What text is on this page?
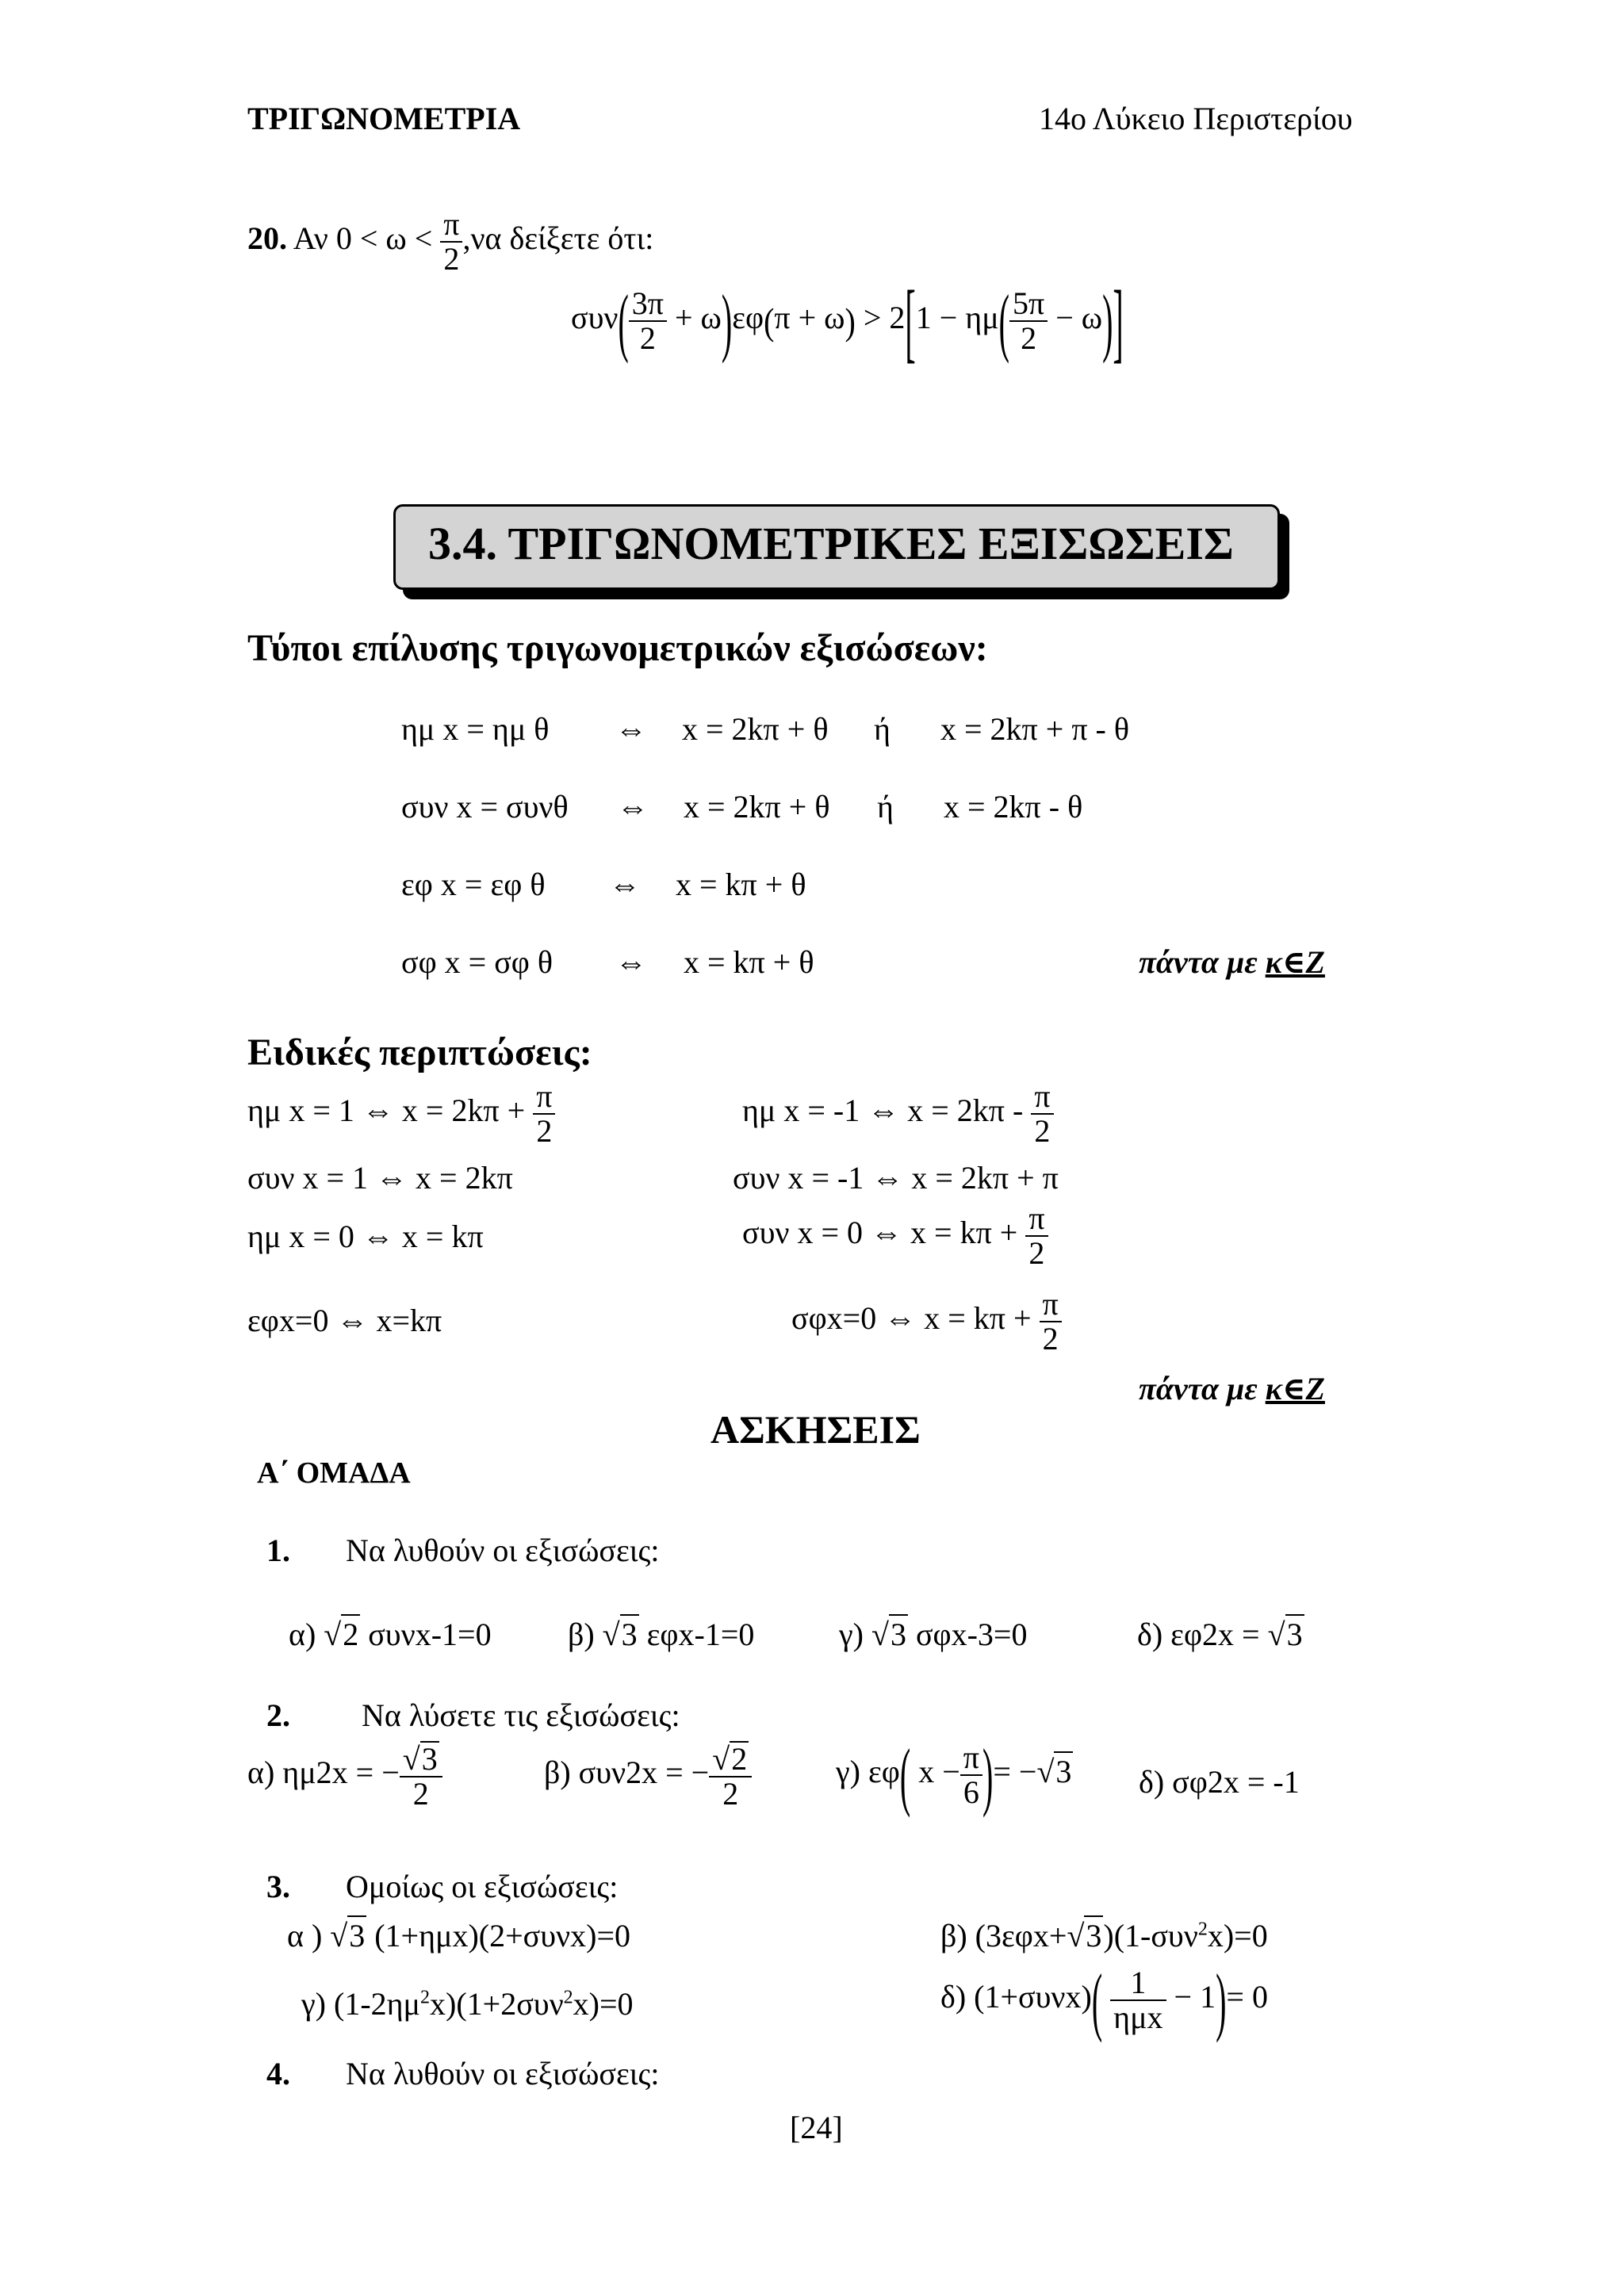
ΤΡΙΓΩΝΟΜΕΤΡΙΑ	14ο Λύκειο Περιστερίου
20. Αν $0 < \omega < \frac{\pi}{2} ,\nu\alpha$ δείξετε ότι:
$\sigma\upsilon\nu( \frac{3\pi}{2} + \omega)\varepsilon\varphi(\pi + \omega) > 2[1 - \eta\mu( \frac{5\pi}{2} - \omega)]$
3.4. ΤΡΙΓΩΝΟΜΕΤΡΙΚΕΣ ΕΞΙΣΩΣΕΙΣ
Τύποι επίλυσης τριγωνομετρικών εξισώσεων:
ημ x = ημ θ ⇔ x = 2kπ + θ ή x = 2kπ + π - θ
συν x = συνθ ⇔ x = 2kπ + θ ή x = 2kπ - θ
εφ x = εφ θ ⇔ x = kπ + θ
σφ x = σφ θ ⇔ x = kπ + θ	πάντα με κ∈Z
Ειδικές περιπτώσεις:
ημ x = 1 ⇔ $x = 2k\pi + \frac{\pi}{2}$	ημ x = -1 ⇔ $x = 2k\pi - \frac{\pi}{2}$
συν x = 1 ⇔ x = 2kπ	συν x = -1 ⇔ x = 2kπ + π
ημ x = 0 ⇔ x = kπ	συν x = 0 ⇔ $x = k\pi + \frac{\pi}{2}$
εφx=0 ⇔ x=kπ	σφx=0 ⇔ $x = k\pi + \frac{\pi}{2}$
πάντα με κ∈Z
ΑΣΚΗΣΕΙΣ
Α΄ ΟΜΑΔΑ
1. Να λυθούν οι εξισώσεις:
α) √2 συνx-1=0 β) √3 εφx-1=0	γ) √3 σφx-3=0	δ) εφ2x = √3
2. Να λύσετε τις εξισώσεις:
α) ημ2x = − $\frac{√3}{2}$	β) συν2x = − $\frac{√2}{2}$	γ) εφ( $x - \frac{\pi}{6}$ )= −√3 δ) σφ2x = -1
3. Ομοίως οι εξισώσεις:
α ) √3 (1+ημx)(2+συνx)=0	β) (3εφx+√3)(1-συν$^2$x)=0
γ) $(1-2\eta\mu^2x)(1+2\sigma\upsilon\nu^2x)=0$	δ) $(1+\sigma\upsilon\nu x)( \frac{1}{\text{ημx}} - 1)= 0$
4. Να λυθούν οι εξισώσεις:
[24]
